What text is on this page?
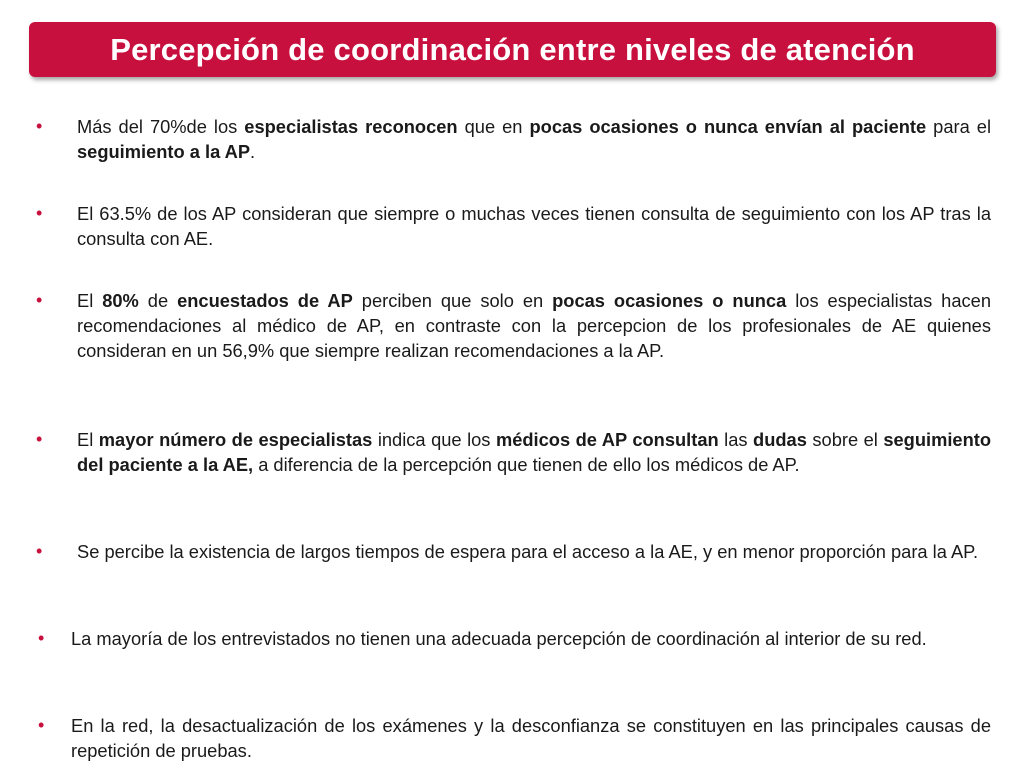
Percepción de coordinación entre niveles de atención
• Más del 70%de los especialistas reconocen que en pocas ocasiones o nunca envían al paciente para el seguimiento a la AP.
• El 63.5% de los AP consideran que siempre o muchas veces tienen consulta de seguimiento con los AP tras la consulta con AE.
• El 80% de encuestados de AP perciben que solo en pocas ocasiones o nunca los especialistas hacen recomendaciones al médico de AP, en contraste con la percepcion de los profesionales de AE quienes consideran en un 56,9% que siempre realizan recomendaciones a la AP.
• El mayor número de especialistas indica que los médicos de AP consultan las dudas sobre el seguimiento del paciente a la AE, a diferencia de la percepción que tienen de ello los médicos de AP.
• Se percibe la existencia de largos tiempos de espera para el acceso a la AE, y en menor proporción para la AP.
• La mayoría de los entrevistados no tienen una adecuada percepción de coordinación al interior de su red.
• En la red, la desactualización de los exámenes y la desconfianza se constituyen en las principales causas de repetición de pruebas.
